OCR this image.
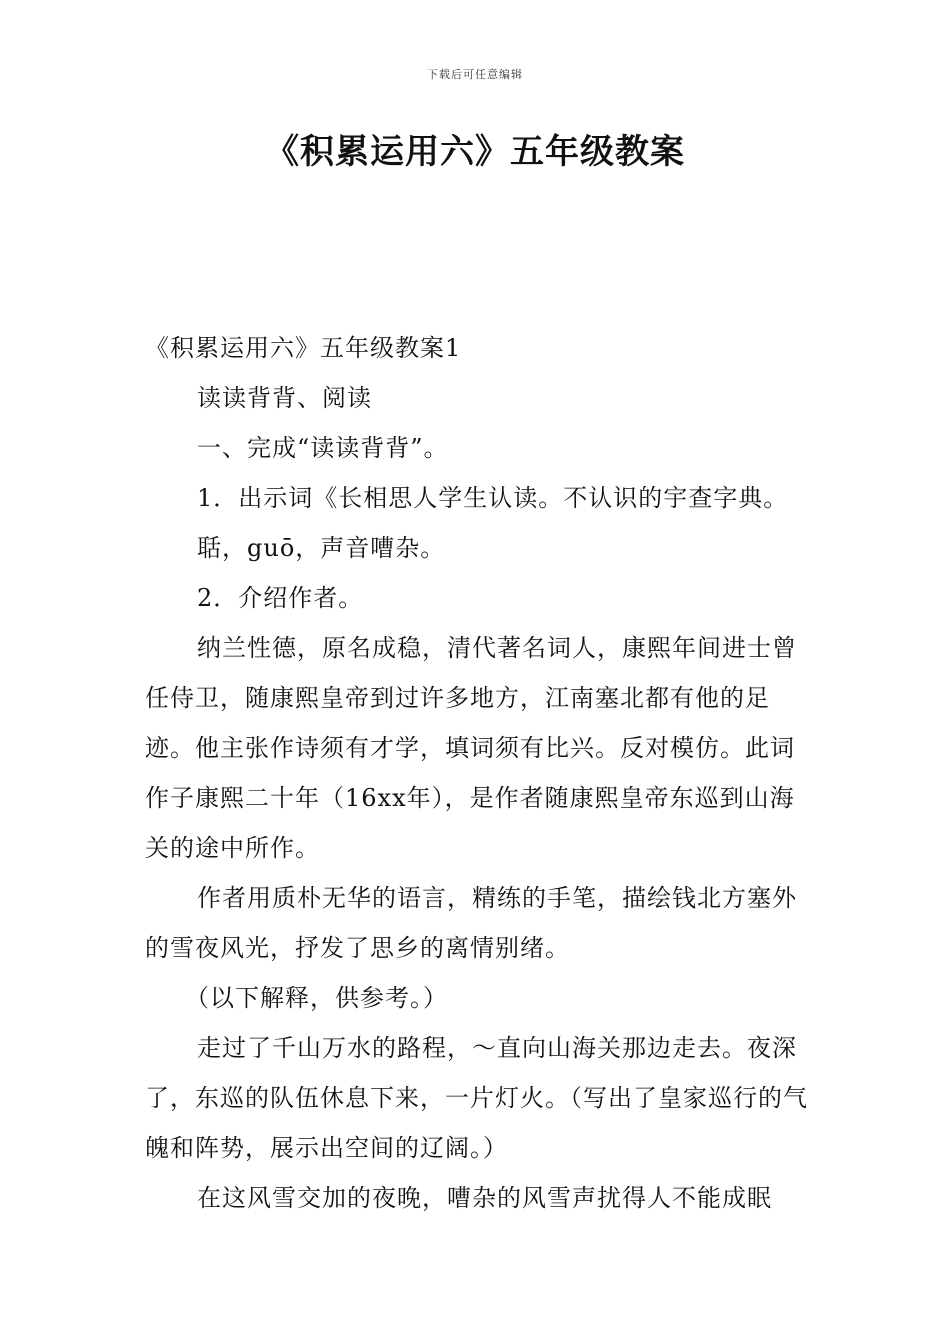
下载后可任意编辑
《积累运用六》五年级教案

《积累运用六》五年级教案1

读读背背、阅读

一、完成“读读背背”。

1．出示词《长相思人学生认读。不认识的宇查字典。

聒，guō，声音嘈杂。

2．介绍作者。

纳兰性德，原名成稳，清代著名词人，康熙年间进士曾任侍卫，随康熙皇帝到过许多地方，江南塞北都有他的足迹。他主张作诗须有才学，填词须有比兴。反对模仿。此词作子康熙二十年（16xx年），是作者随康熙皇帝东巡到山海关的途中所作。

作者用质朴无华的语言，精练的手笔，描绘钱北方塞外的雪夜风光，抒发了思乡的离情别绪。

（以下解释，供参考。）

走过了千山万水的路程，～直向山海关那边走去。夜深了，东巡的队伍休息下来，一片灯火。（写出了皇家巡行的气魄和阵势，展示出空间的辽阔。）

在这风雪交加的夜晚，嘈杂的风雪声扰得人不能成眠
